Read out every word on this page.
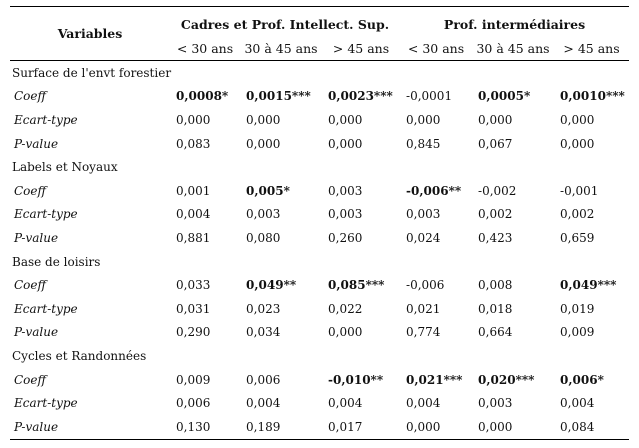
Variables	Cadres et Prof. Intellect. Sup.			Prof. intermédiaires		
	< 30 ans	30 à 45 ans	> 45 ans	< 30 ans	30 à 45 ans	> 45 ans
Surface de l'envt forestier						
Coeff	0,0008*	0,0015***	0,0023***	-0,0001	0,0005*	0,0010***
Ecart-type	0,000	0,000	0,000	0,000	0,000	0,000
P-value	0,083	0,000	0,000	0,845	0,067	0,000
Labels et Noyaux						
Coeff	0,001	0,005*	0,003	-0,006**	-0,002	-0,001
Ecart-type	0,004	0,003	0,003	0,003	0,002	0,002
P-value	0,881	0,080	0,260	0,024	0,423	0,659
Base de loisirs						
Coeff	0,033	0,049**	0,085***	-0,006	0,008	0,049***
Ecart-type	0,031	0,023	0,022	0,021	0,018	0,019
P-value	0,290	0,034	0,000	0,774	0,664	0,009
Cycles et Randonnées						
Coeff	0,009	0,006	-0,010**	0,021***	0,020***	0,006*
Ecart-type	0,006	0,004	0,004	0,004	0,003	0,004
P-value	0,130	0,189	0,017	0,000	0,000	0,084
